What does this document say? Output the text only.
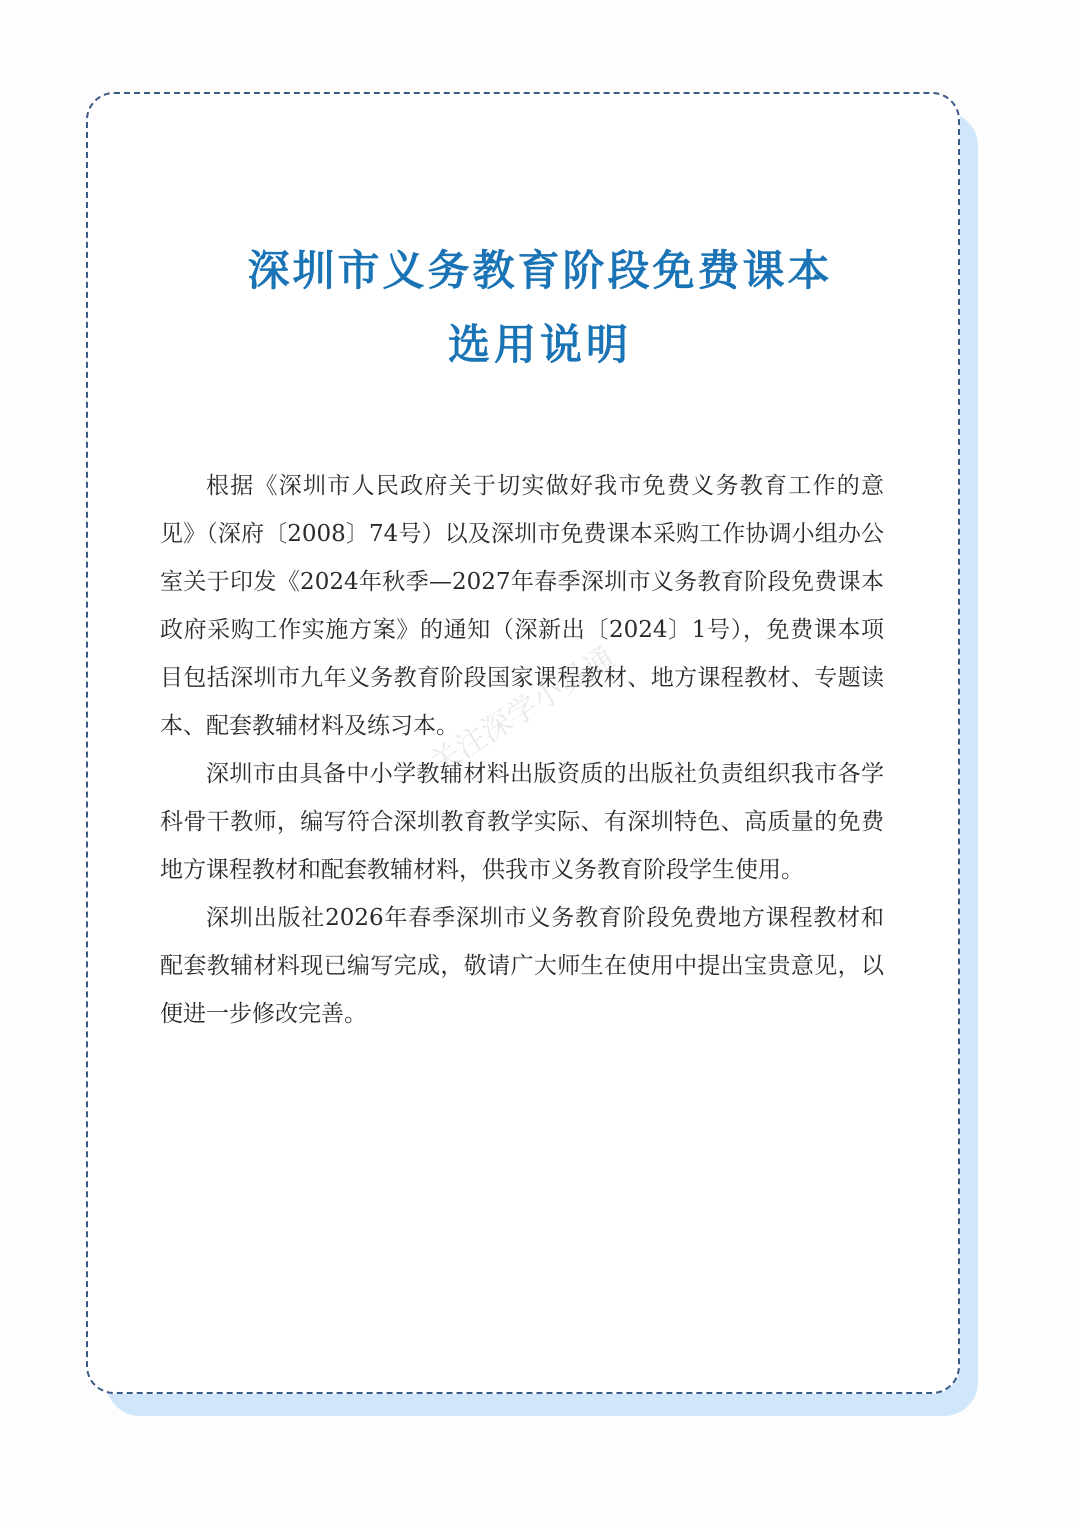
深圳市义务教育阶段免费课本
选用说明

根据《深圳市人民政府关于切实做好我市免费义务教育工作的意见》（深府〔2008〕74号）以及深圳市免费课本采购工作协调小组办公室关于印发《2024年秋季—2027年春季深圳市义务教育阶段免费课本政府采购工作实施方案》的通知（深新出〔2024〕1号），免费课本项目包括深圳市九年义务教育阶段国家课程教材、地方课程教材、专题读本、配套教辅材料及练习本。

深圳市由具备中小学教辅材料出版资质的出版社负责组织我市各学科骨干教师，编写符合深圳教育教学实际、有深圳特色、高质量的免费地方课程教材和配套教辅材料，供我市义务教育阶段学生使用。

深圳出版社2026年春季深圳市义务教育阶段免费地方课程教材和配套教辅材料现已编写完成，敬请广大师生在使用中提出宝贵意见，以便进一步修改完善。
